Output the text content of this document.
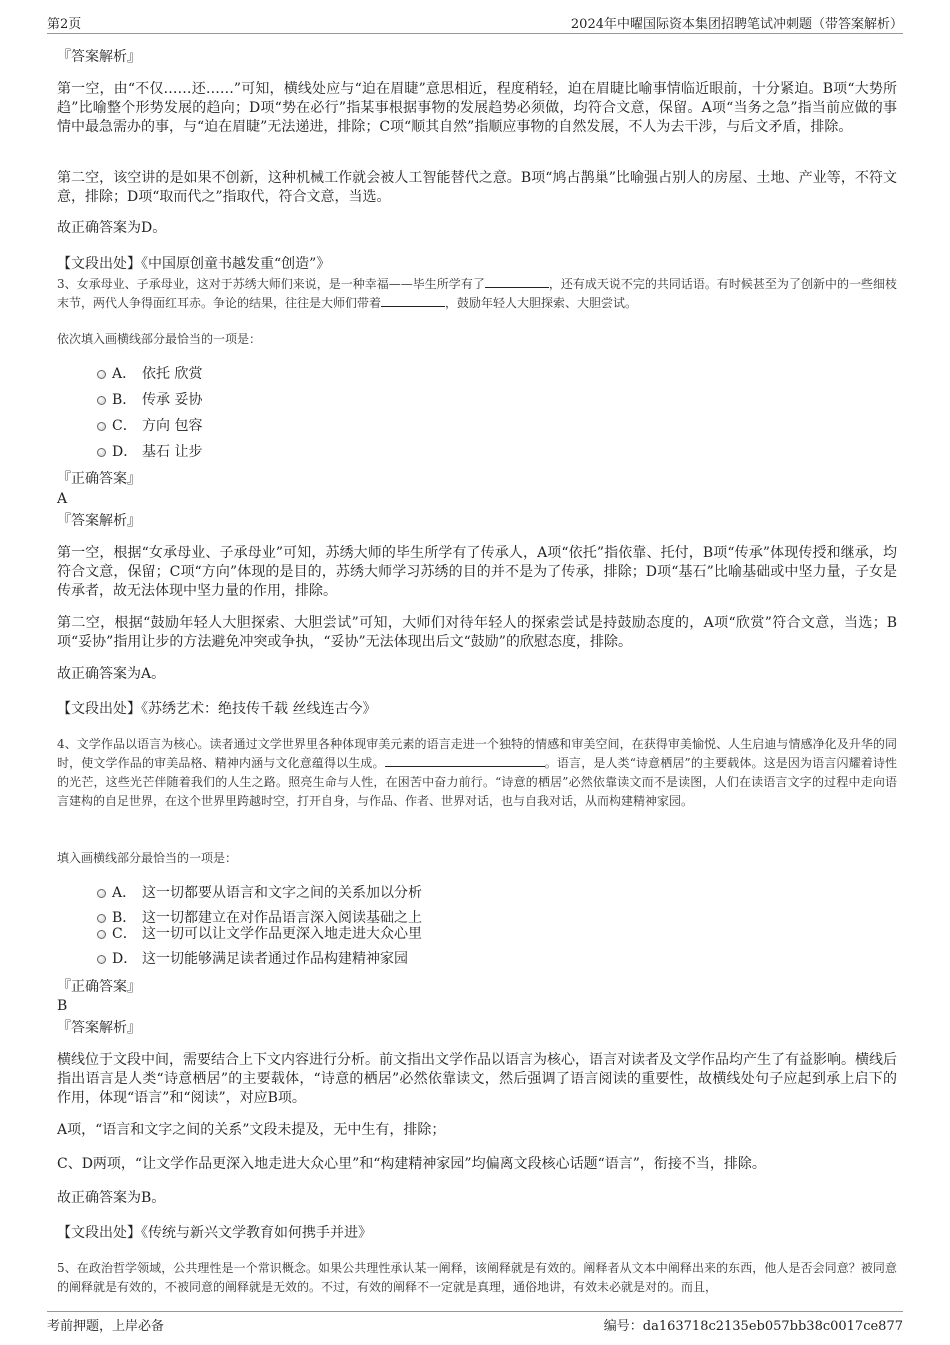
第2页	2024年中曜国际资本集团招聘笔试冲刺题（带答案解析）
『答案解析』
第一空，由“不仅……还……”可知，横线处应与“迫在眉睫”意思相近，程度稍轻，迫在眉睫比喻事情临近眼前，十分紧迫。B项“大势所趋”比喻整个形势发展的趋向；D项“势在必行”指某事根据事物的发展趋势必须做，均符合文意，保留。A项“当务之急”指当前应做的事情中最急需办的事，与“迫在眉睫”无法递进，排除；C项“顺其自然”指顺应事物的自然发展，不人为去干涉，与后文矛盾，排除。
第二空，该空讲的是如果不创新，这种机械工作就会被人工智能替代之意。B项“鸠占鹊巢”比喻强占别人的房屋、土地、产业等，不符文意，排除；D项“取而代之”指取代，符合文意，当选。
故正确答案为D。
【文段出处】《中国原创童书越发重“创造”》
3、女承母业、子承母业，这对于苏绣大师们来说，是一种幸福——毕生所学有了	，还有成天说不完的共同话语。有时候甚至为了创新中的一些细枝末节，两代人争得面红耳赤。争论的结果，往往是大师们带着	，鼓励年轻人大胆探索、大胆尝试。
依次填入画横线部分最恰当的一项是：
A． 依托 欣赏
B． 传承 妥协
C． 方向 包容
D． 基石 让步
『正确答案』
A
『答案解析』
第一空，根据“女承母业、子承母业”可知，苏绣大师的毕生所学有了传承人，A项“依托”指依靠、托付，B项“传承”体现传授和继承，均符合文意，保留；C项“方向”体现的是目的，苏绣大师学习苏绣的目的并不是为了传承，排除；D项“基石”比喻基础或中坚力量，子女是传承者，故无法体现中坚力量的作用，排除。
第二空，根据“鼓励年轻人大胆探索、大胆尝试”可知，大师们对待年轻人的探索尝试是持鼓励态度的，A项“欣赏”符合文意，当选；B项“妥协”指用让步的方法避免冲突或争执，“妥协”无法体现出后文“鼓励”的欣慰态度，排除。
故正确答案为A。
【文段出处】《苏绣艺术：绝技传千载 丝线连古今》
4、文学作品以语言为核心。读者通过文学世界里各种体现审美元素的语言走进一个独特的情感和审美空间，在获得审美愉悦、人生启迪与情感净化及升华的同时，使文学作品的审美品格、精神内涵与文化意蕴得以生成。	。语言，是人类“诗意栖居”的主要载体。这是因为语言闪耀着诗性的光芒，这些光芒伴随着我们的人生之路。照亮生命与人性，在困苦中奋力前行。“诗意的栖居”必然依靠读文而不是读图，人们在读语言文字的过程中走向语言建构的自足世界，在这个世界里跨越时空，打开自身，与作品、作者、世界对话，也与自我对话，从而构建精神家园。
填入画横线部分最恰当的一项是：
A． 这一切都要从语言和文字之间的关系加以分析
B． 这一切都建立在对作品语言深入阅读基础之上
C． 这一切可以让文学作品更深入地走进大众心里
D． 这一切能够满足读者通过作品构建精神家园
『正确答案』
B
『答案解析』
横线位于文段中间，需要结合上下文内容进行分析。前文指出文学作品以语言为核心，语言对读者及文学作品均产生了有益影响。横线后指出语言是人类“诗意栖居”的主要载体，“诗意的栖居”必然依靠读文，然后强调了语言阅读的重要性，故横线处句子应起到承上启下的作用，体现“语言”和“阅读”，对应B项。
A项，“语言和文字之间的关系”文段未提及，无中生有，排除；
C、D两项，“让文学作品更深入地走进大众心里”和“构建精神家园”均偏离文段核心话题“语言”，衔接不当，排除。
故正确答案为B。
【文段出处】《传统与新兴文学教育如何携手并进》
5、在政治哲学领域，公共理性是一个常识概念。如果公共理性承认某一阐释，该阐释就是有效的。阐释者从文本中阐释出来的东西，他人是否会同意？被同意的阐释就是有效的，不被同意的阐释就是无效的。不过，有效的阐释不一定就是真理，通俗地讲，有效未必就是对的。而且，
考前押题，上岸必备	编号：da163718c2135eb057bb38c0017ce877
